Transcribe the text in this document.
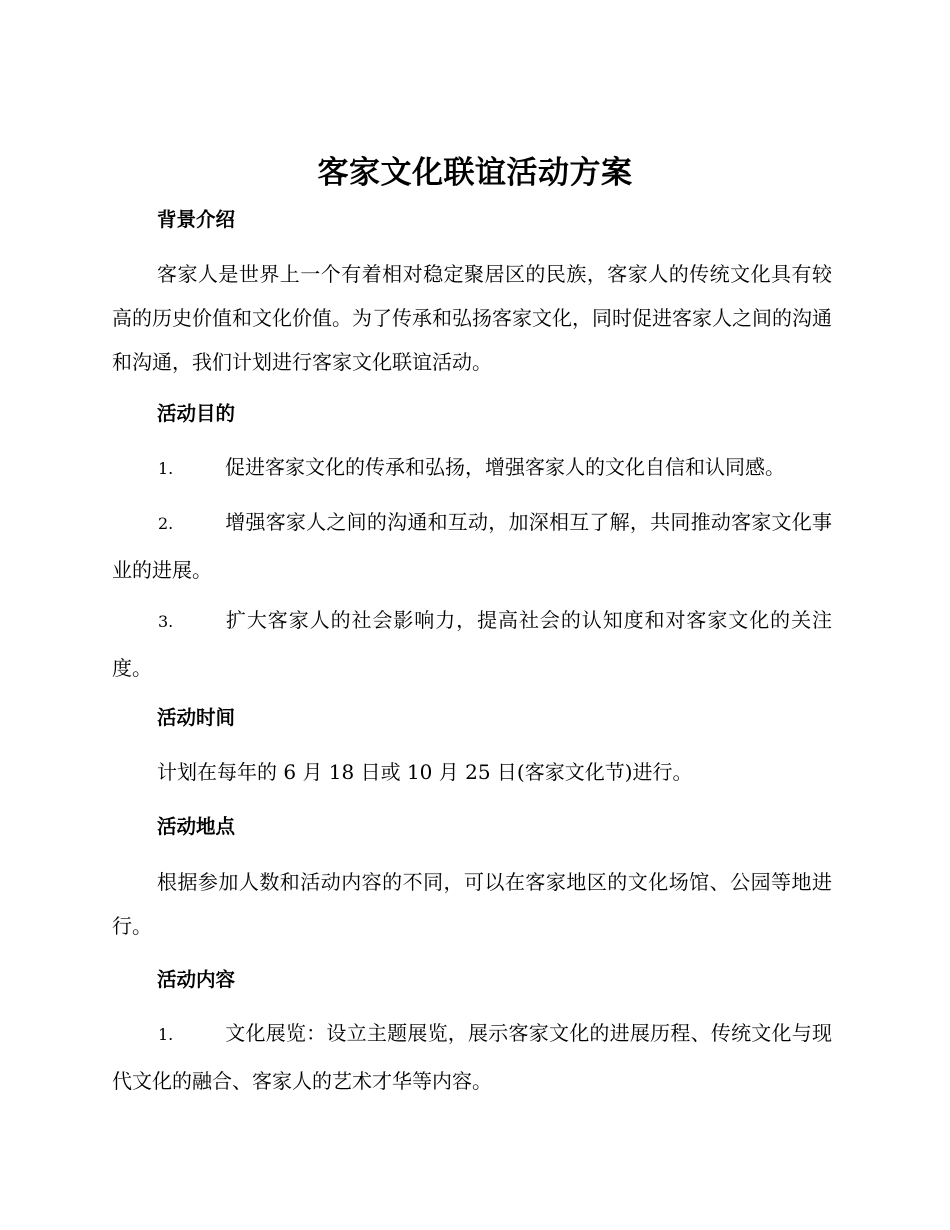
客家文化联谊活动方案
背景介绍
客家人是世界上一个有着相对稳定聚居区的民族，客家人的传统文化具有较高的历史价值和文化价值。为了传承和弘扬客家文化，同时促进客家人之间的沟通和沟通，我们计划进行客家文化联谊活动。
活动目的
1.	促进客家文化的传承和弘扬，增强客家人的文化自信和认同感。
2.	增强客家人之间的沟通和互动，加深相互了解，共同推动客家文化事业的进展。
3.	扩大客家人的社会影响力，提高社会的认知度和对客家文化的关注度。
活动时间
计划在每年的 6 月 18 日或 10 月 25 日(客家文化节)进行。
活动地点
根据参加人数和活动内容的不同，可以在客家地区的文化场馆、公园等地进行。
活动内容
1.	文化展览：设立主题展览，展示客家文化的进展历程、传统文化与现代文化的融合、客家人的艺术才华等内容。
